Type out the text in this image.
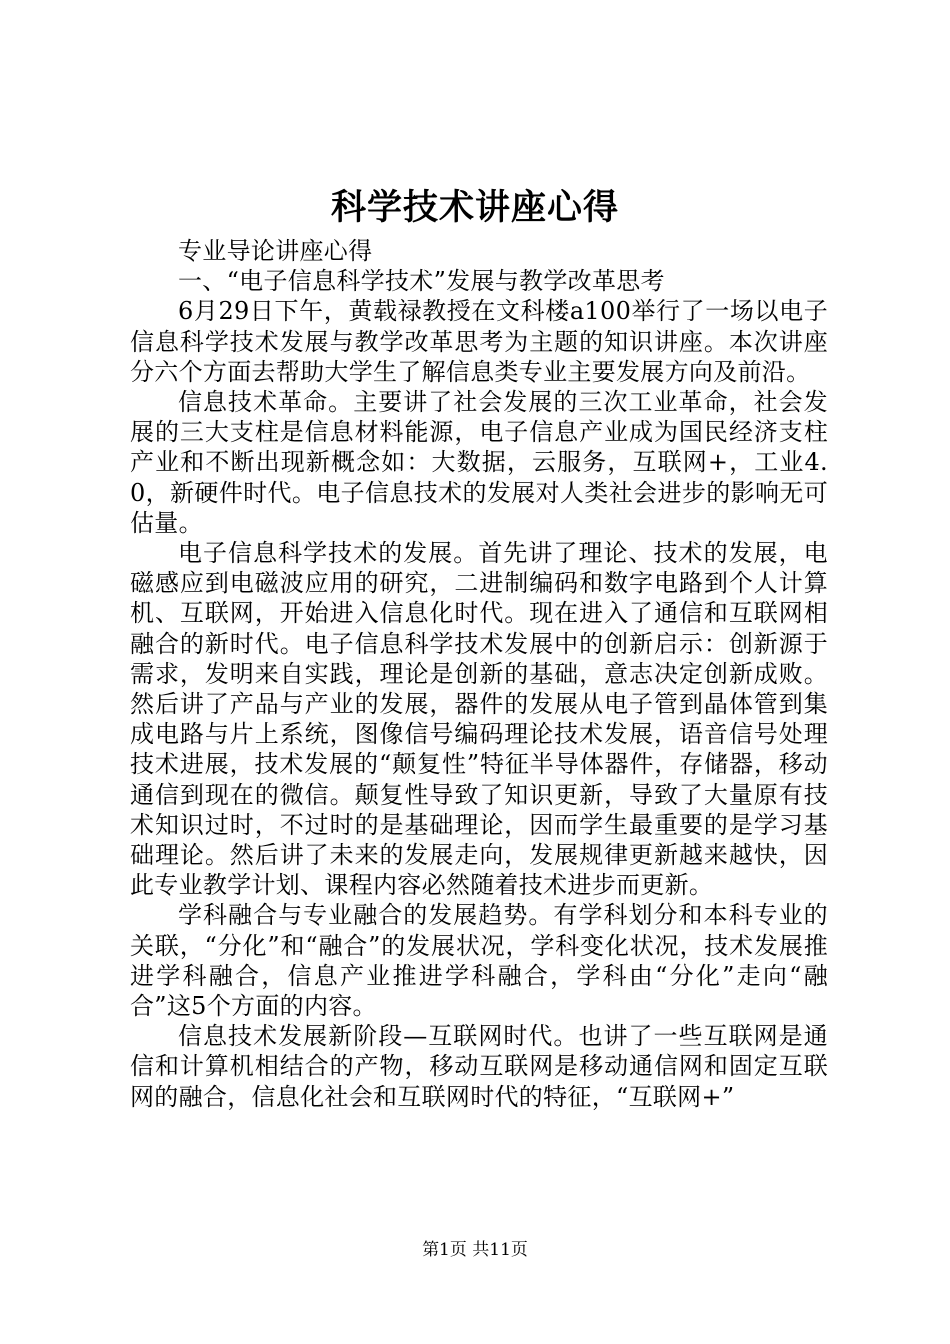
科学技术讲座心得

专业导论讲座心得

一、“电子信息科学技术”发展与教学改革思考

6月29日下午，黄载禄教授在文科楼a100举行了一场以电子信息科学技术发展与教学改革思考为主题的知识讲座。本次讲座分六个方面去帮助大学生了解信息类专业主要发展方向及前沿。

信息技术革命。主要讲了社会发展的三次工业革命，社会发展的三大支柱是信息材料能源，电子信息产业成为国民经济支柱产业和不断出现新概念如：大数据，云服务，互联网+，工业4.0，新硬件时代。电子信息技术的发展对人类社会进步的影响无可估量。

电子信息科学技术的发展。首先讲了理论、技术的发展，电磁感应到电磁波应用的研究，二进制编码和数字电路到个人计算机、互联网，开始进入信息化时代。现在进入了通信和互联网相融合的新时代。电子信息科学技术发展中的创新启示：创新源于需求，发明来自实践，理论是创新的基础，意志决定创新成败。然后讲了产品与产业的发展，器件的发展从电子管到晶体管到集成电路与片上系统，图像信号编码理论技术发展，语音信号处理技术进展，技术发展的“颠复性”特征半导体器件，存储器，移动通信到现在的微信。颠复性导致了知识更新，导致了大量原有技术知识过时，不过时的是基础理论，因而学生最重要的是学习基础理论。然后讲了未来的发展走向，发展规律更新越来越快，因此专业教学计划、课程内容必然随着技术进步而更新。

学科融合与专业融合的发展趋势。有学科划分和本科专业的关联，“分化”和“融合”的发展状况，学科变化状况，技术发展推进学科融合，信息产业推进学科融合，学科由“分化”走向“融合”这5个方面的内容。

信息技术发展新阶段—互联网时代。也讲了一些互联网是通信和计算机相结合的产物，移动互联网是移动通信网和固定互联网的融合，信息化社会和互联网时代的特征，“互联网+”

第1页 共11页
